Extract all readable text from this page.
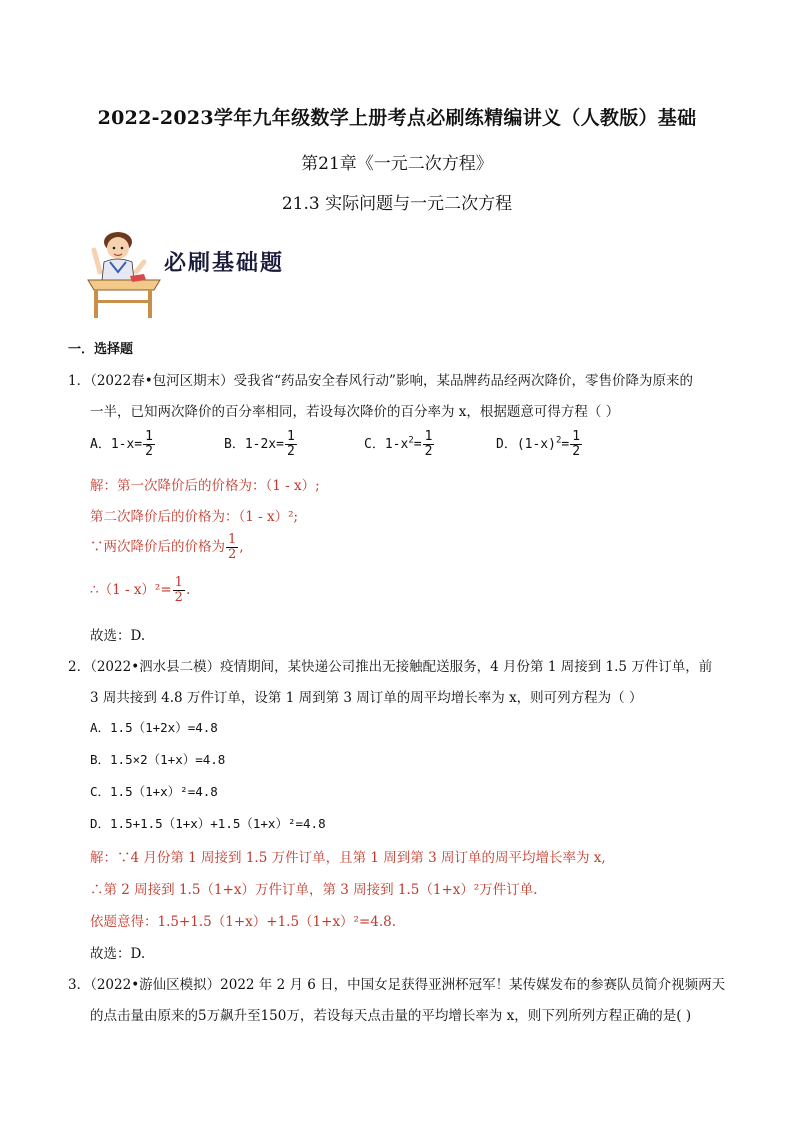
2022-2023学年九年级数学上册考点必刷练精编讲义（人教版）基础
第21章《一元二次方程》
21.3 实际问题与一元二次方程
必刷基础题
一．选择题
1．（2022春•包河区期末）受我省“药品安全春风行动”影响，某品牌药品经两次降价，零售价降为原来的
一半，已知两次降价的百分率相同，若设每次降价的百分率为 x，根据题意可得方程（ ）
A．$1-x= \frac{1}{2}$	B．$1-2x= \frac{1}{2}$	C．$1-x^2= \frac{1}{2}$	D．$(1-x)^2= \frac{1}{2}$
解：第一次降价后的价格为：（1 - x）;
第二次降价后的价格为：（1 - x）²;
∵两次降价后的价格为 $\frac{1}{2}$ ,
∴（1 - $x)^2= \frac{1}{2}$ .
故选：D.
2．（2022•泗水县二模）疫情期间，某快递公司推出无接触配送服务，4 月份第 1 周接到 1.5 万件订单，前
3 周共接到 4.8 万件订单，设第 1 周到第 3 周订单的周平均增长率为 x，则可列方程为（ ）
A．1.5（1+2x）=4.8
B．1.5×2（1+x）=4.8
C．1.5（1+x）²=4.8
D．1.5+1.5（1+x）+1.5（1+x）²=4.8
解：∵4 月份第 1 周接到 1.5 万件订单，且第 1 周到第 3 周订单的周平均增长率为 x,
∴第 2 周接到 1.5（1+x）万件订单，第 3 周接到 1.5（1+x）²万件订单.
依题意得：1.5+1.5（1+x）+1.5（1+x）²=4.8.
故选：D.
3．（2022•游仙区模拟）2022 年 2 月 6 日，中国女足获得亚洲杯冠军！某传媒发布的参赛队员简介视频两天
的点击量由原来的5万飙升至150万，若设每天点击量的平均增长率为 x，则下列所列方程正确的是( )
